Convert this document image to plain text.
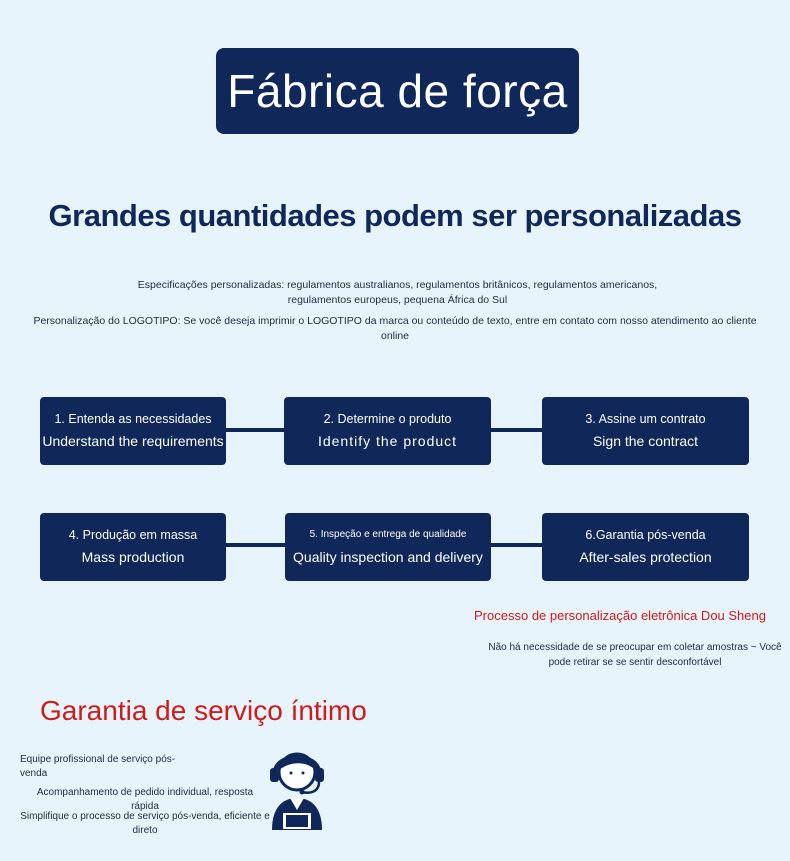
Fábrica de força
Grandes quantidades podem ser personalizadas
Especificações personalizadas: regulamentos australianos, regulamentos britânicos, regulamentos americanos, regulamentos europeus, pequena África do Sul
Personalização do LOGOTIPO: Se você deseja imprimir o LOGOTIPO da marca ou conteúdo de texto, entre em contato com nosso atendimento ao cliente online
1. Entenda as necessidades
Understand the requirements
2. Determine o produto
Identify the product
3. Assine um contrato
Sign the contract
4. Produção em massa
Mass production
5. Inspeção e entrega de qualidade
Quality inspection and delivery
6.Garantia pós-venda
After-sales protection
Processo de personalização eletrônica Dou Sheng
Não há necessidade de se preocupar em coletar amostras ~ Você pode retirar se se sentir desconfortável
Garantia de serviço íntimo
Equipe profissional de serviço pós-venda
Acompanhamento de pedido individual, resposta rápida
Simplifique o processo de serviço pós-venda, eficiente e direto
